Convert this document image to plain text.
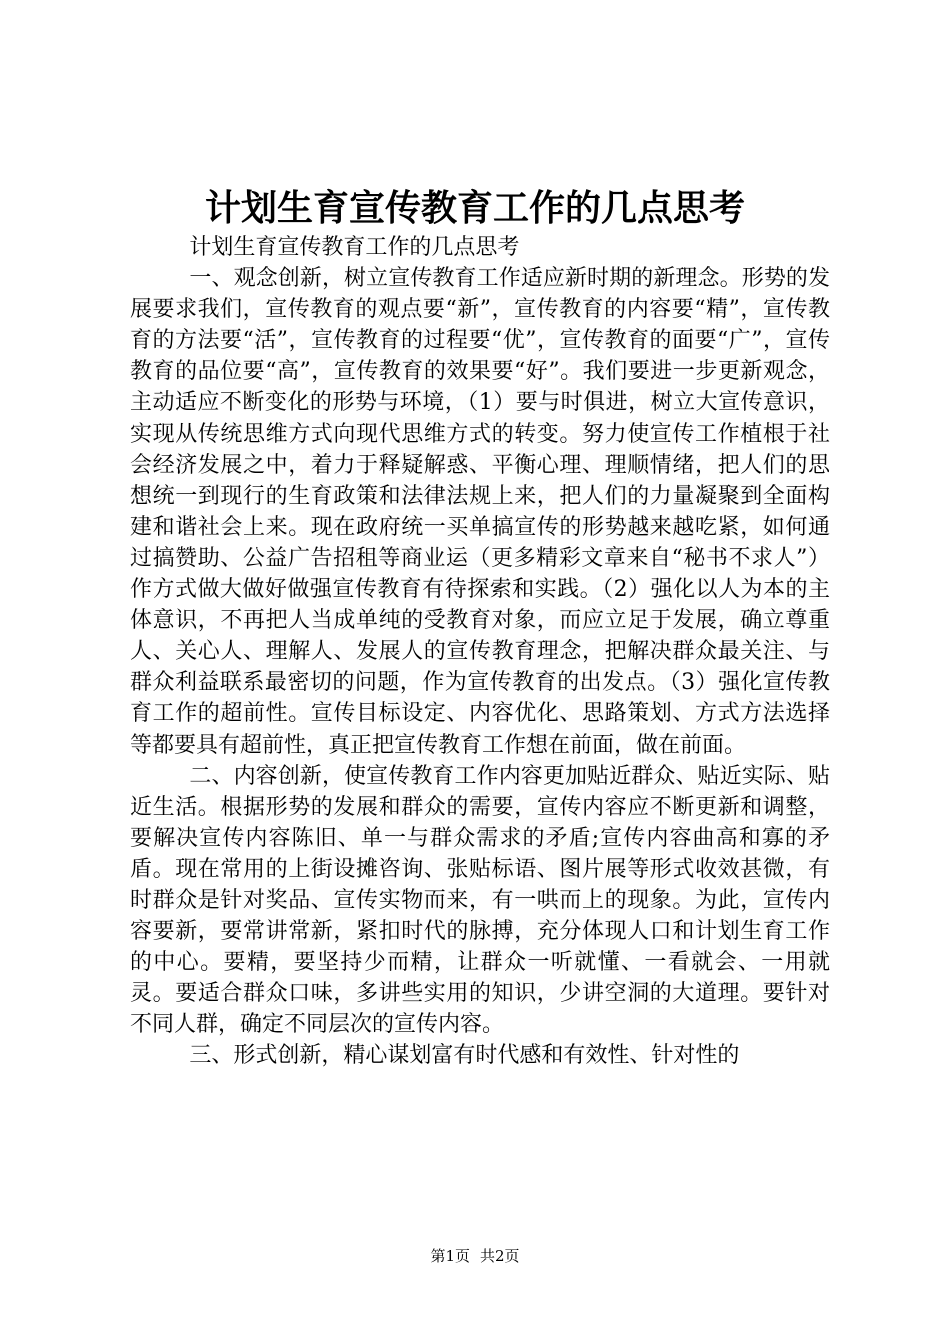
计划生育宣传教育工作的几点思考

计划生育宣传教育工作的几点思考

一、观念创新，树立宣传教育工作适应新时期的新理念。形势的发展要求我们，宣传教育的观点要“新”，宣传教育的内容要“精”，宣传教育的方法要“活”，宣传教育的过程要“优”，宣传教育的面要“广”，宣传教育的品位要“高”，宣传教育的效果要“好”。我们要进一步更新观念，主动适应不断变化的形势与环境，（1）要与时俱进，树立大宣传意识，实现从传统思维方式向现代思维方式的转变。努力使宣传工作植根于社会经济发展之中，着力于释疑解惑、平衡心理、理顺情绪，把人们的思想统一到现行的生育政策和法律法规上来，把人们的力量凝聚到全面构建和谐社会上来。现在政府统一买单搞宣传的形势越来越吃紧，如何通过搞赞助、公益广告招租等商业运（更多精彩文章来自“秘书不求人”）作方式做大做好做强宣传教育有待探索和实践。（2）强化以人为本的主体意识，不再把人当成单纯的受教育对象，而应立足于发展，确立尊重人、关心人、理解人、发展人的宣传教育理念，把解决群众最关注、与群众利益联系最密切的问题，作为宣传教育的出发点。（3）强化宣传教育工作的超前性。宣传目标设定、内容优化、思路策划、方式方法选择等都要具有超前性，真正把宣传教育工作想在前面，做在前面。

二、内容创新，使宣传教育工作内容更加贴近群众、贴近实际、贴近生活。根据形势的发展和群众的需要，宣传内容应不断更新和调整，要解决宣传内容陈旧、单一与群众需求的矛盾;宣传内容曲高和寡的矛盾。现在常用的上街设摊咨询、张贴标语、图片展等形式收效甚微，有时群众是针对奖品、宣传实物而来，有一哄而上的现象。为此，宣传内容要新，要常讲常新，紧扣时代的脉搏，充分体现人口和计划生育工作的中心。要精，要坚持少而精，让群众一听就懂、一看就会、一用就灵。要适合群众口味，多讲些实用的知识，少讲空洞的大道理。要针对不同人群，确定不同层次的宣传内容。

三、形式创新，精心谋划富有时代感和有效性、针对性的

第1页 共2页
